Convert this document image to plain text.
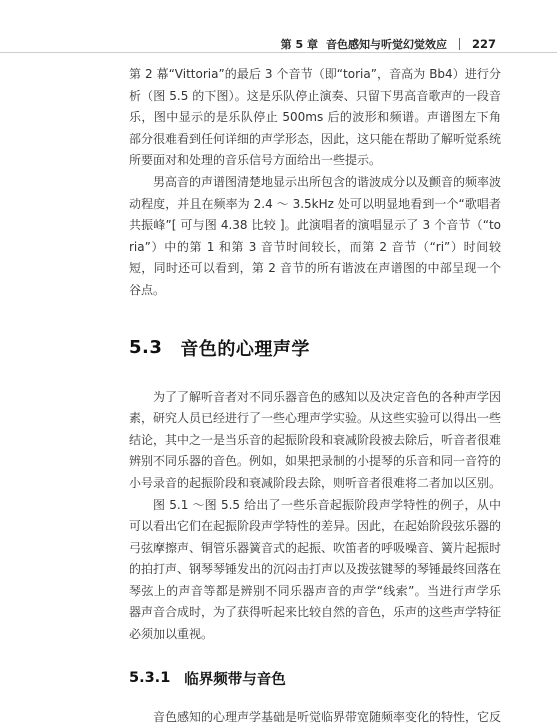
第 5 章 音色感知与听觉幻觉效应 227

第 2 幕“Vittoria”的最后 3 个音节（即“toria”，音高为 Bb4）进行分析（图 5.5 的下图）。这是乐队停止演奏、只留下男高音歌声的一段音乐，图中显示的是乐队停止 500ms 后的波形和频谱。声谱图左下角部分很难看到任何详细的声学形态，因此，这只能在帮助了解听觉系统所要面对和处理的音乐信号方面给出一些提示。

男高音的声谱图清楚地显示出所包含的谐波成分以及颤音的频率波动程度，并且在频率为 2.4 ～ 3.5kHz 处可以明显地看到一个“歌唱者共振峰”[ 可与图 4.38 比较 ]。此演唱者的演唱显示了 3 个音节（“toria”）中的第 1 和第 3 音节时间较长，而第 2 音节（“ri”）时间较短，同时还可以看到，第 2 音节的所有谐波在声谱图的中部呈现一个谷点。

5.3 音色的心理声学

为了了解听音者对不同乐器音色的感知以及决定音色的各种声学因素，研究人员已经进行了一些心理声学实验。从这些实验可以得出一些结论，其中之一是当乐音的起振阶段和衰减阶段被去除后，听音者很难辨别不同乐器的音色。例如，如果把录制的小提琴的乐音和同一音符的小号录音的起振阶段和衰减阶段去除，则听音者很难将二者加以区别。

图 5.1 ～图 5.5 给出了一些乐音起振阶段声学特性的例子，从中可以看出它们在起振阶段声学特性的差异。因此，在起始阶段弦乐器的弓弦摩擦声、铜管乐器簧音式的起振、吹笛者的呼吸噪音、簧片起振时的拍打声、钢琴琴锤发出的沉闷击打声以及拨弦键琴的琴锤最终回落在琴弦上的声音等都是辨别不同乐器声音的声学“线索”。当进行声学乐器声音合成时，为了获得听起来比较自然的音色，乐声的这些声学特征必须加以重视。

5.3.1 临界频带与音色

音色感知的心理声学基础是听觉临界带宽随频率变化的特性，它反
